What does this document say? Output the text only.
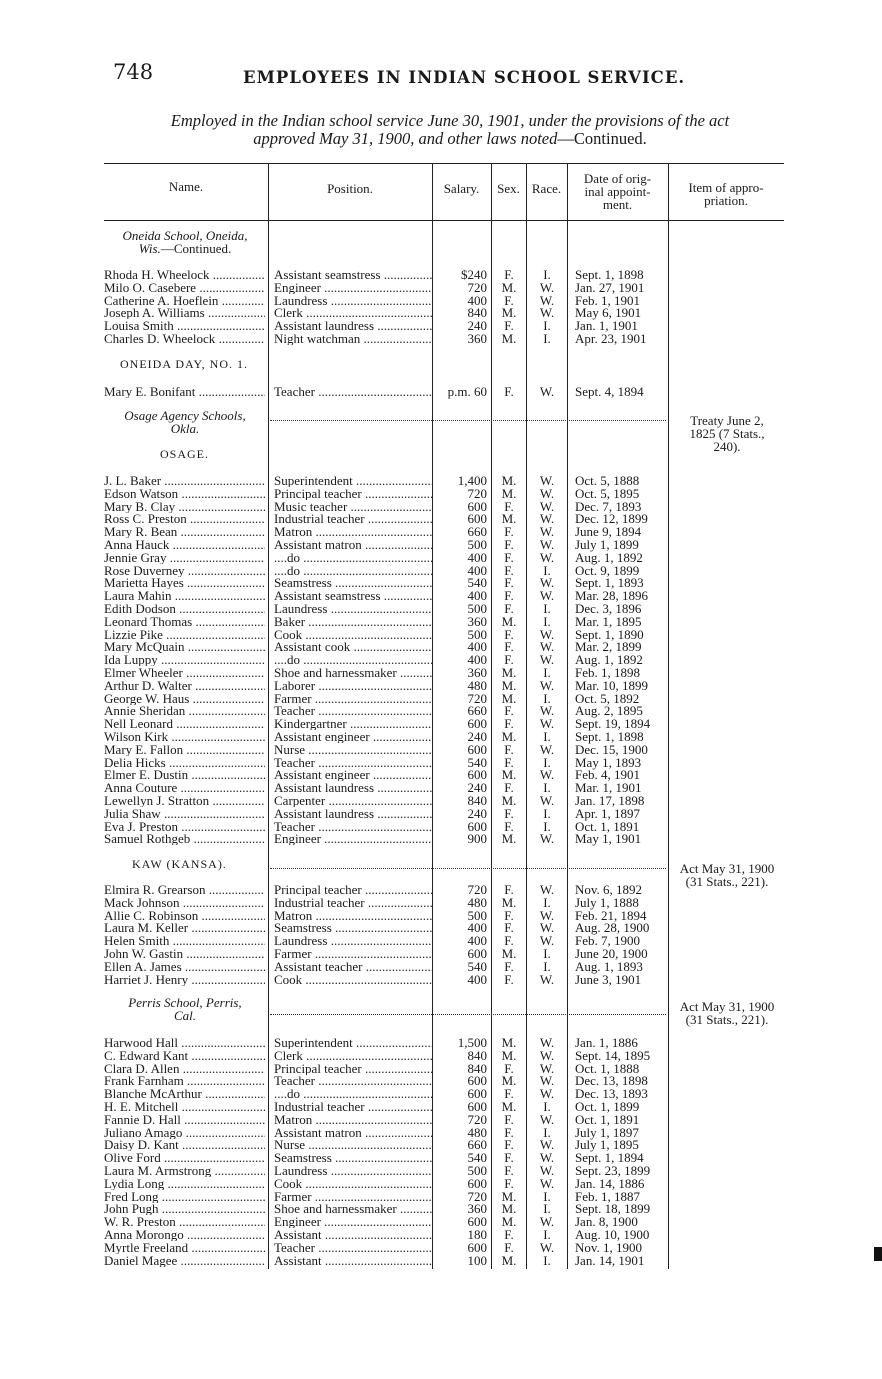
748	EMPLOYEES IN INDIAN SCHOOL SERVICE.
Employed in the Indian school service June 30, 1901, under the provisions of the act
approved May 31, 1900, and other laws noted—Continued.
Name.	Position.	Salary.	Sex. Race.
Date of orig-
inal appoint-
ment.
Item of appro-
priation.
Oneida School, Oneida,
Wis.—Continued.
Rhoda H. Wheelock .....	Assistant seamstress .....	$240	F.	I.	Sept. 1, 1898
Milo O. Casebere .....	Engineer .....	720	M.	W.	Jan. 27, 1901
Catherine A. Hoeflein .....	Laundress .....	400	F.	W.	Feb. 1, 1901
Joseph A. Williams .....	Clerk .....	840	M.	W.	May 6, 1901
Louisa Smith .....	Assistant laundress .....	240	F.	I.	Jan. 1, 1901
Charles D. Wheelock .....	Night watchman .....	360	M.	I.	Apr. 23, 1901
ONEIDA DAY, NO. 1.
Mary E. Bonifant .....	Teacher .....	p.m. 60	F.	W.	Sept. 4, 1894
Osage Agency Schools,
Okla.
Treaty June 2,
1825 (7 Stats.,
240).
OSAGE.
J. L. Baker .....	Superintendent .....	1,400	M.	W.	Oct. 5, 1888
Edson Watson .....	Principal teacher .....	720	M.	W.	Oct. 5, 1895
Mary B. Clay .....	Music teacher .....	600	F.	W.	Dec. 7, 1893
Ross C. Preston .....	Industrial teacher .....	600	M.	W.	Dec. 12, 1899
Mary R. Bean .....	Matron .....	660	F.	W.	June 9, 1894
Anna Hauck .....	Assistant matron .....	500	F.	W.	July 1, 1899
Jennie Gray .....	....do .....	400	F.	W.	Aug. 1, 1892
Rose Duverney .....	....do .....	400	F.	I.	Oct. 9, 1899
Marietta Hayes .....	Seamstress .....	540	F.	W.	Sept. 1, 1893
Laura Mahin .....	Assistant seamstress .....	400	F.	W.	Mar. 28, 1896
Edith Dodson .....	Laundress .....	500	F.	I.	Dec. 3, 1896
Leonard Thomas .....	Baker .....	360	M.	I.	Mar. 1, 1895
Lizzie Pike .....	Cook .....	500	F.	W.	Sept. 1, 1890
Mary McQuain .....	Assistant cook .....	400	F.	W.	Mar. 2, 1899
Ida Luppy .....	....do .....	400	F.	W.	Aug. 1, 1892
Elmer Wheeler .....	Shoe and harnessmaker .....	360	M.	I.	Feb. 1, 1898
Arthur D. Walter .....	Laborer .....	480	M.	W.	Mar. 10, 1899
George W. Haus .....	Farmer .....	720	M.	I.	Oct. 5, 1892
Annie Sheridan .....	Teacher .....	660	F.	W.	Aug. 2, 1895
Nell Leonard .....	Kindergartner .....	600	F.	W.	Sept. 19, 1894
Wilson Kirk .....	Assistant engineer .....	240	M.	I.	Sept. 1, 1898
Mary E. Fallon .....	Nurse .....	600	F.	W.	Dec. 15, 1900
Delia Hicks .....	Teacher .....	540	F.	I.	May 1, 1893
Elmer E. Dustin .....	Assistant engineer .....	600	M.	W.	Feb. 4, 1901
Anna Couture .....	Assistant laundress .....	240	F.	I.	Mar. 1, 1901
Lewellyn J. Stratton .....	Carpenter .....	840	M.	W.	Jan. 17, 1898
Julia Shaw .....	Assistant laundress .....	240	F.	I.	Apr. 1, 1897
Eva J. Preston .....	Teacher .....	600	F.	I.	Oct. 1, 1891
Samuel Rothgeb .....	Engineer .....	900	M.	W.	May 1, 1901
KAW (KANSA).	Act May 31, 1900
(31 Stats., 221).
Elmira R. Grearson .....	Principal teacher .....	720	F.	W.	Nov. 6, 1892
Mack Johnson .....	Industrial teacher .....	480	M.	I.	July 1, 1888
Allie C. Robinson .....	Matron .....	500	F.	W.	Feb. 21, 1894
Laura M. Keller .....	Seamstress .....	400	F.	W.	Aug. 28, 1900
Helen Smith .....	Laundress .....	400	F.	W.	Feb. 7, 1900
John W. Gastin .....	Farmer .....	600	M.	I.	June 20, 1900
Ellen A. James .....	Assistant teacher .....	540	F.	I.	Aug. 1, 1893
Harriet J. Henry .....	Cook .....	400	F.	W.	June 3, 1901
Perris School, Perris,
Cal.
Act May 31, 1900
(31 Stats., 221).
Harwood Hall .....	Superintendent .....	1,500	M.	W.	Jan. 1, 1886
C. Edward Kant .....	Clerk .....	840	M.	W.	Sept. 14, 1895
Clara D. Allen .....	Principal teacher .....	840	F.	W.	Oct. 1, 1888
Frank Farnham .....	Teacher .....	600	M.	W.	Dec. 13, 1898
Blanche McArthur .....	....do .....	600	F.	W.	Dec. 13, 1893
H. E. Mitchell .....	Industrial teacher .....	600	M.	I.	Oct. 1, 1899
Fannie D. Hall .....	Matron .....	720	F.	W.	Oct. 1, 1891
Juliano Amago .....	Assistant matron .....	480	F.	I.	July 1, 1897
Daisy D. Kant .....	Nurse .....	660	F.	W.	July 1, 1895
Olive Ford .....	Seamstress .....	540	F.	W.	Sept. 1, 1894
Laura M. Armstrong .....	Laundress .....	500	F.	W.	Sept. 23, 1899
Lydia Long .....	Cook .....	600	F.	W.	Jan. 14, 1886
Fred Long .....	Farmer .....	720	M.	I.	Feb. 1, 1887
John Pugh .....	Shoe and harnessmaker .....	360	M.	I.	Sept. 18, 1899
W. R. Preston .....	Engineer .....	600	M.	W.	Jan. 8, 1900
Anna Morongo .....	Assistant .....	180	F.	I.	Aug. 10, 1900
Myrtle Freeland .....	Teacher .....	600	F.	W.	Nov. 1, 1900
Daniel Magee .....	Assistant .....	100	M.	I.	Jan. 14, 1901
